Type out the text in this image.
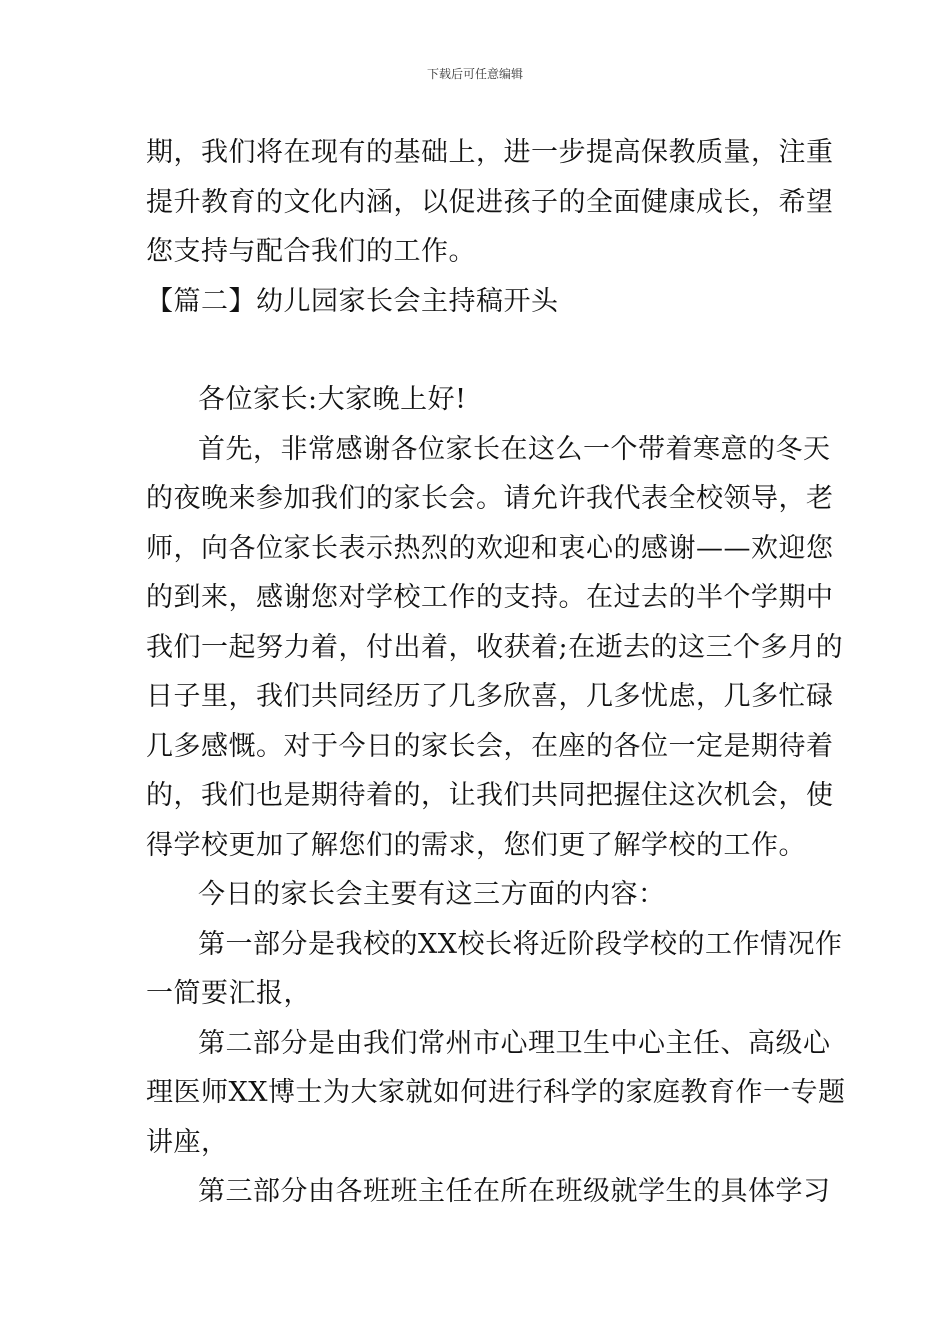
下载后可任意编辑
期，我们将在现有的基础上，进一步提高保教质量，注重
提升教育的文化内涵，以促进孩子的全面健康成长，希望
您支持与配合我们的工作。
【篇二】幼儿园家长会主持稿开头
各位家长:大家晚上好!
首先，非常感谢各位家长在这么一个带着寒意的冬天
的夜晚来参加我们的家长会。请允许我代表全校领导，老
师，向各位家长表示热烈的欢迎和衷心的感谢——欢迎您
的到来，感谢您对学校工作的支持。在过去的半个学期中
我们一起努力着，付出着，收获着;在逝去的这三个多月的
日子里，我们共同经历了几多欣喜，几多忧虑，几多忙碌
几多感慨。对于今日的家长会，在座的各位一定是期待着
的，我们也是期待着的，让我们共同把握住这次机会，使
得学校更加了解您们的需求，您们更了解学校的工作。
今日的家长会主要有这三方面的内容：
第一部分是我校的XX校长将近阶段学校的工作情况作
一简要汇报，
第二部分是由我们常州市心理卫生中心主任、高级心
理医师XX博士为大家就如何进行科学的家庭教育作一专题
讲座，
第三部分由各班班主任在所在班级就学生的具体学习
